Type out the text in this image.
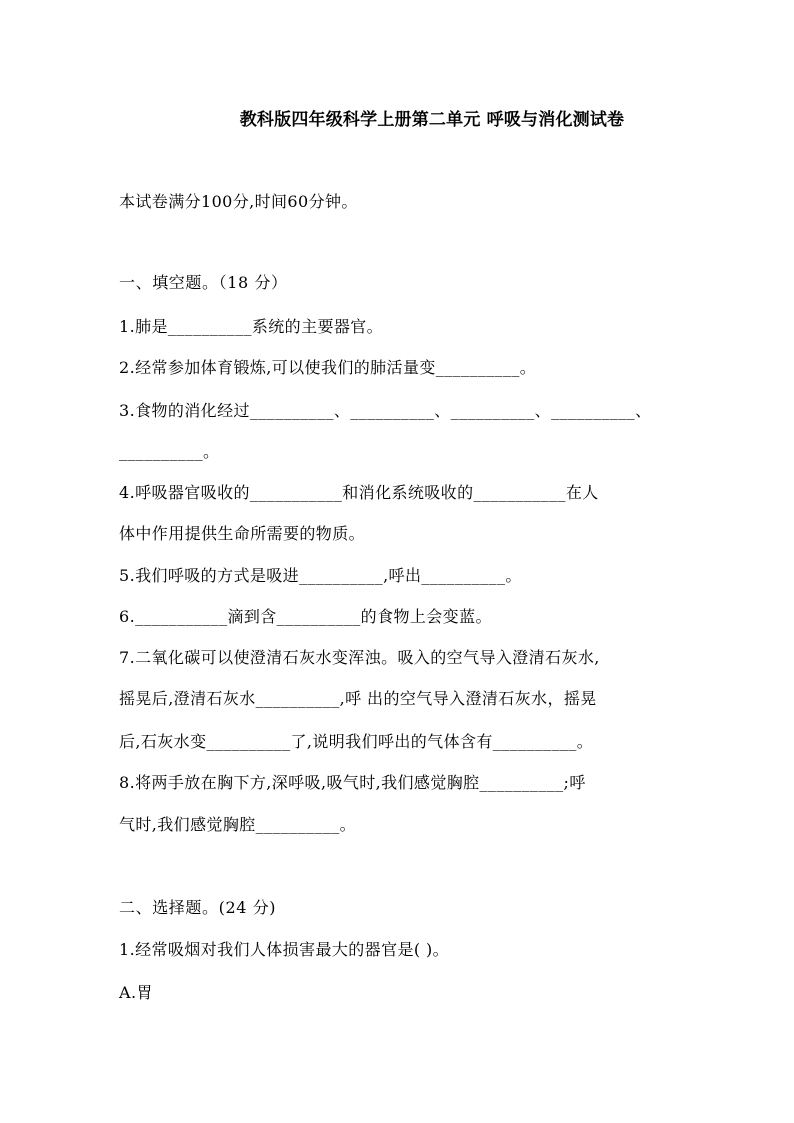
教科版四年级科学上册第二单元 呼吸与消化测试卷
本试卷满分100分,时间60分钟。
一、填空题。（18 分）
1.肺是__________系统的主要器官。
2.经常参加体育锻炼,可以使我们的肺活量变__________。
3.食物的消化经过__________、__________、__________、__________、
__________。
4.呼吸器官吸收的___________和消化系统吸收的___________在人
体中作用提供生命所需要的物质。
5.我们呼吸的方式是吸进__________,呼出__________。
6.___________滴到含__________的食物上会变蓝。
7.二氧化碳可以使澄清石灰水变浑浊。吸入的空气导入澄清石灰水,
摇晃后,澄清石灰水__________,呼 出的空气导入澄清石灰水，摇晃
后,石灰水变__________了,说明我们呼出的气体含有__________。
8.将两手放在胸下方,深呼吸,吸气时,我们感觉胸腔__________;呼
气时,我们感觉胸腔__________。
二、选择题。(24 分)
1.经常吸烟对我们人体损害最大的器官是( )。
A.胃
